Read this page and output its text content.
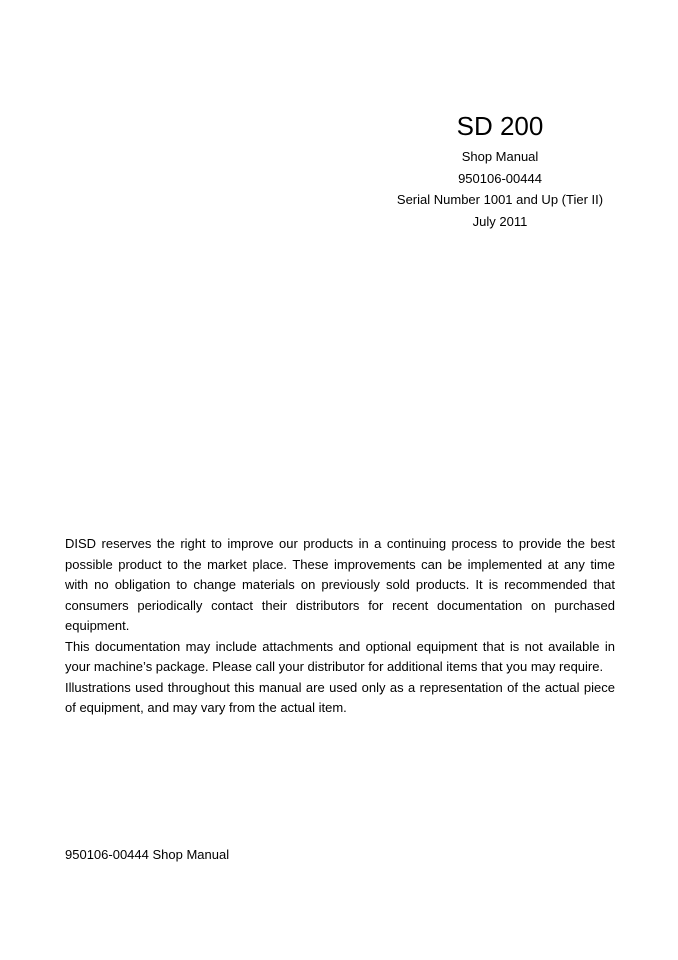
SD 200

Shop Manual

950106-00444

Serial Number 1001 and Up (Tier II)

July 2011

DISD reserves the right to improve our products in a continuing process to provide the best possible product to the market place. These improvements can be implemented at any time with no obligation to change materials on previously sold products. It is recommended that consumers periodically contact their distributors for recent documentation on purchased equipment.

This documentation may include attachments and optional equipment that is not available in your machine’s package. Please call your distributor for additional items that you may require.

Illustrations used throughout this manual are used only as a representation of the actual piece of equipment, and may vary from the actual item.

950106-00444 Shop Manual
